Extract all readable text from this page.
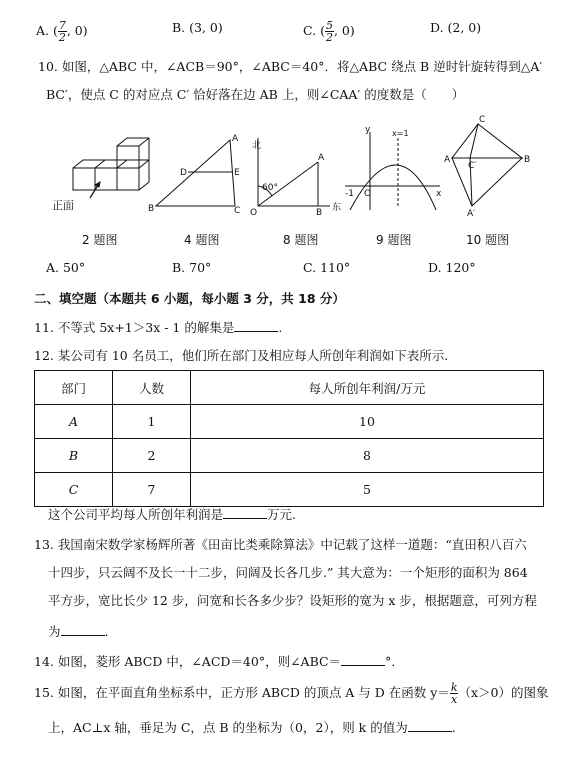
A. ( $\frac{7}{2}$ , 0)	B. (3, 0)	C. ( $\frac{5}{2}$ , 0)	D. (2, 0)
10. 如图，△ABC 中，∠ACB＝90°，∠ABC＝40°．将△ABC 绕点 B 逆时针旋转得到△A′
BC′，使点 C 的对应点 C′ 恰好落在边 AB 上，则∠CAA′ 的度数是（　　）
正面
A
B	C
D	E
北
东
60°
A
B
O
y
x
x=1
O
-1
C
A	B
C′
A′
2 题图	4 题图	8 题图	9 题图	10 题图
A. 50°	B. 70°	C. 110°	D. 120°
二、填空题（本题共 6 小题，每小题 3 分，共 18 分）
11. 不等式 5x+1＞3x - 1 的解集是	.
12. 某公司有 10 名员工，他们所在部门及相应每人所创年利润如下表所示.
部门	人数	每人所创年利润/万元
A	1	10
B	2	8
C	7	5
这个公司平均每人所创年利润是	万元.
13. 我国南宋数学家杨辉所著《田亩比类乘除算法》中记载了这样一道题：“直田积八百六
十四步，只云阔不及长一十二步，问阔及长各几步.” 其大意为：一个矩形的面积为 864
平方步，宽比长少 12 步，问宽和长各多少步？设矩形的宽为 x 步，根据题意，可列方程
为	.
14. 如图，菱形 ABCD 中，∠ACD＝40°，则∠ABC＝	°．
15. 如图，在平面直角坐标系中，正方形 ABCD 的顶点 A 与 D 在函数 $y= \frac{k}{x} (x>0)$的图象
上，AC⊥x 轴，垂足为 C，点 B 的坐标为（0，2），则 k 的值为	.
